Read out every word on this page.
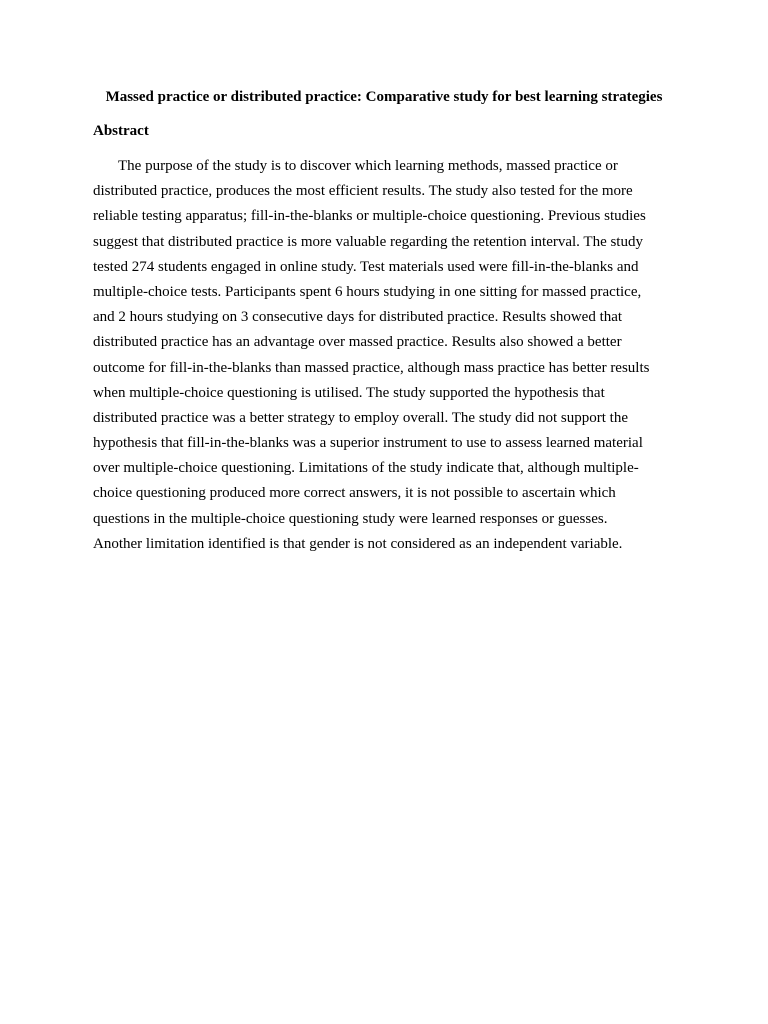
Massed practice or distributed practice: Comparative study for best learning strategies
Abstract
The purpose of the study is to discover which learning methods, massed practice or
distributed practice, produces the most efficient results. The study also tested for the more
reliable testing apparatus; fill-in-the-blanks or multiple-choice questioning. Previous studies
suggest that distributed practice is more valuable regarding the retention interval. The study
tested 274 students engaged in online study. Test materials used were fill-in-the-blanks and
multiple-choice tests. Participants spent 6 hours studying in one sitting for massed practice,
and 2 hours studying on 3 consecutive days for distributed practice. Results showed that
distributed practice has an advantage over massed practice. Results also showed a better
outcome for fill-in-the-blanks than massed practice, although mass practice has better results
when multiple-choice questioning is utilised. The study supported the hypothesis that
distributed practice was a better strategy to employ overall. The study did not support the
hypothesis that fill-in-the-blanks was a superior instrument to use to assess learned material
over multiple-choice questioning. Limitations of the study indicate that, although multiple-
choice questioning produced more correct answers, it is not possible to ascertain which
questions in the multiple-choice questioning study were learned responses or guesses.
Another limitation identified is that gender is not considered as an independent variable.
